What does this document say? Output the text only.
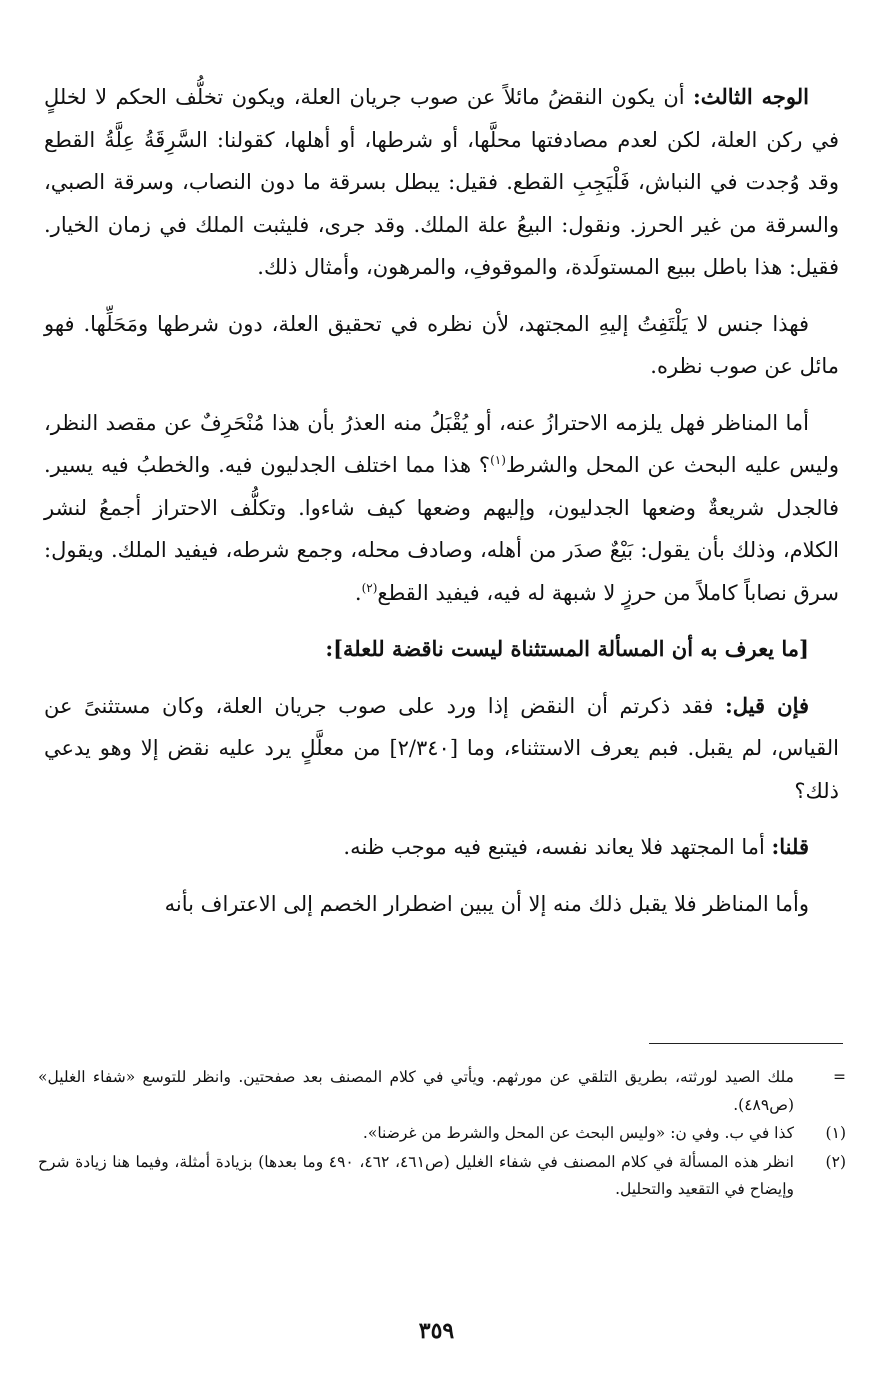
الوجه الثالث: أن يكون النقضُ مائلاً عن صوب جريان العلة، ويكون تخلُّف الحكم لا لخللٍ في ركن العلة، لكن لعدم مصادفتها محلَّها، أو شرطها، أو أهلها، كقولنا: السَّرِقَةُ عِلَّةُ القطع وقد وُجدت في النباش، فَلْيَجِبِ القطع. فقيل: يبطل بسرقة ما دون النصاب، وسرقة الصبي، والسرقة من غير الحرز. ونقول: البيعُ علة الملك. وقد جرى، فليثبت الملك في زمان الخيار. فقيل: هذا باطل ببيع المستولَدة، والموقوفِ، والمرهون، وأمثال ذلك.

فهذا جنس لا يَلْتَفِتُ إليهِ المجتهد، لأن نظره في تحقيق العلة، دون شرطها ومَحَلِّها. فهو مائل عن صوب نظره.

أما المناظر فهل يلزمه الاحترازُ عنه، أو يُقْبَلُ منه العذرُ بأن هذا مُنْحَرِفٌ عن مقصد النظر، وليس عليه البحث عن المحل والشرط$^{(١)}$؟ هذا مما اختلف الجدليون فيه. والخطبُ فيه يسير. فالجدل شريعةٌ وضعها الجدليون، وإليهم وضعها كيف شاءوا. وتكلُّف الاحتراز أجمعُ لنشر الكلام، وذلك بأن يقول: بَيْعٌ صدَر من أهله، وصادف محله، وجمع شرطه، فيفيد الملك. ويقول: سرق نصاباً كاملاً من حرزٍ لا شبهة له فيه، فيفيد القطع$^{(٢)}$.

[ما يعرف به أن المسألة المستثناة ليست ناقضة للعلة]:

فإن قيل: فقد ذكرتم أن النقض إذا ورد على صوب جريان العلة، وكان مستثنىً عن القياس، لم يقبل. فبم يعرف الاستثناء، وما [٢/٣٤٠] من معلَّلٍ يرد عليه نقض إلا وهو يدعي ذلك؟

قلنا: أما المجتهد فلا يعاند نفسه، فيتبع فيه موجب ظنه.

وأما المناظر فلا يقبل ذلك منه إلا أن يبين اضطرار الخصم إلى الاعتراف بأنه

=
ملك الصيد لورثته، بطريق التلقي عن مورثهم. ويأتي في كلام المصنف بعد صفحتين. وانظر للتوسع «شفاء الغليل» (ص٤٨٩).
(١)
كذا في ب. وفي ن: «وليس البحث عن المحل والشرط من غرضنا».
(٢)
انظر هذه المسألة في كلام المصنف في شفاء الغليل (ص٤٦١، ٤٦٢، ٤٩٠ وما بعدها) بزيادة أمثلة، وفيما هنا زيادة شرح وإيضاح في التقعيد والتحليل.
٣٥٩
